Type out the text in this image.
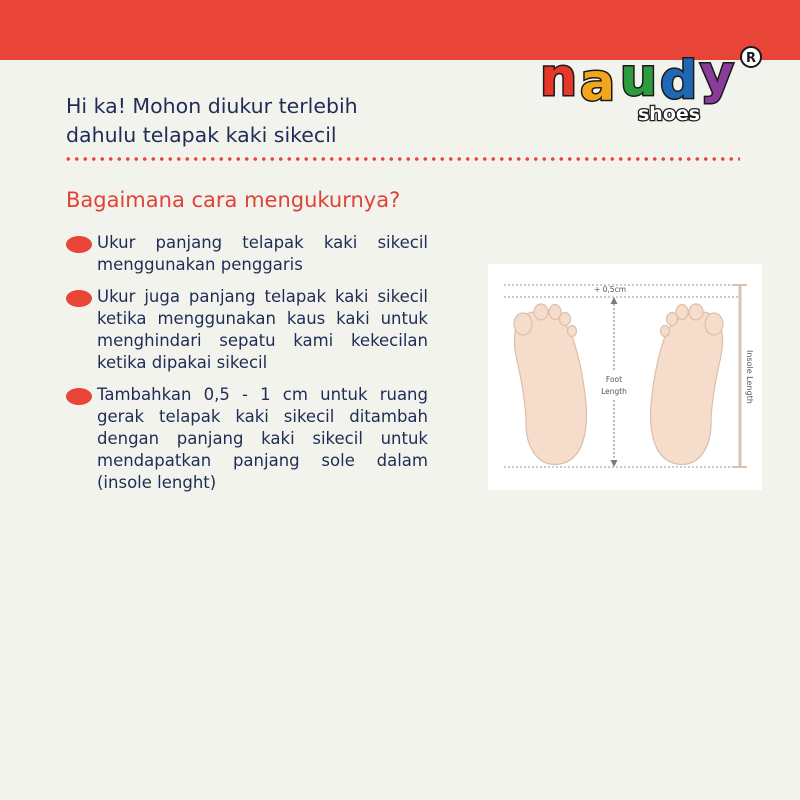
n a u d y
shoes
R
Hi ka! Mohon diukur terlebih
dahulu telapak kaki sikecil
Bagaimana cara mengukurnya?
Ukur panjang telapak kaki sikecil menggunakan penggaris
Ukur juga panjang telapak kaki sikecil ketika menggunakan kaus kaki untuk menghindari sepatu kami kekecilan ketika dipakai sikecil
Tambahkan 0,5 - 1 cm untuk ruang gerak telapak kaki sikecil ditambah dengan panjang kaki sikecil untuk mendapatkan panjang sole dalam (insole lenght)
+ 0,5cm
Foot
Length	Insole Length
